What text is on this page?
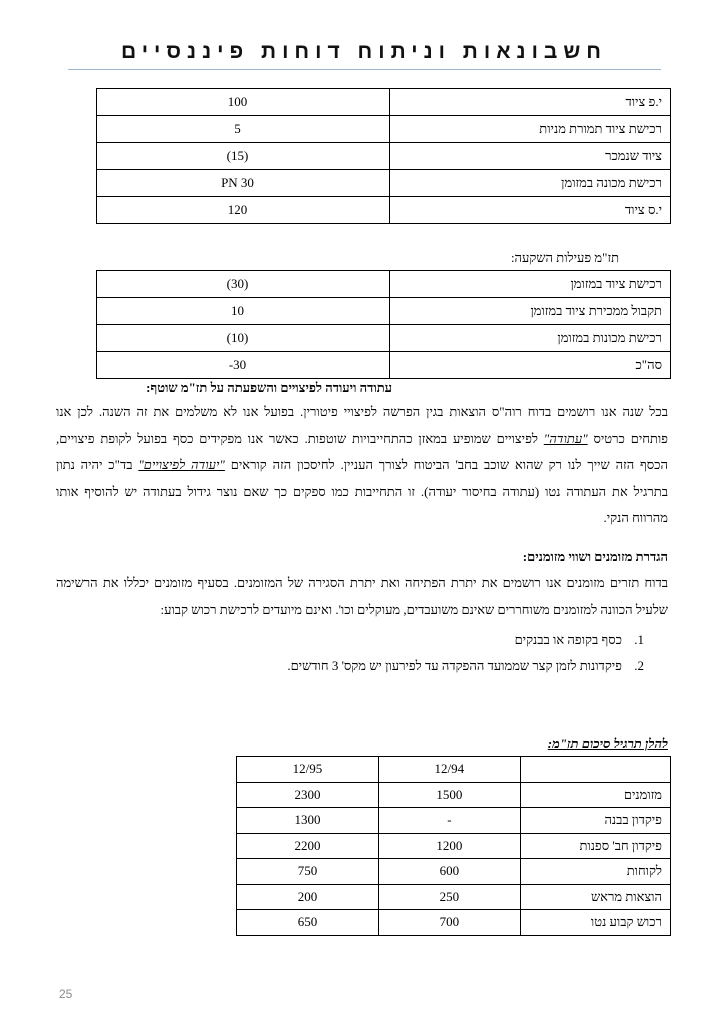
חשבונאות וניתוח דוחות פיננסיים
י.פ ציוד	100
רכישת ציוד תמורת מניות	5
ציוד שנמכר	(15)
רכישת מכונה במזומן	PN 30
י.ס ציוד	120
תז"מ פעילות השקעה:
רכישת ציוד במזומן	(30)
תקבול ממכירת ציוד במזומן	10
רכישת מכונות במזומן	(10)
סה"כ	-30
עתודה ויעודה לפיצויים והשפעתה על תז"מ שוטף:
בכל שנה אנו רושמים בדוח רוה"ס הוצאות בגין הפרשה לפיצויי פיטורין. בפועל אנו לא משלמים את זה השנה. לכן אנו
פותחים כרטיס "עתודה" לפיצויים שמופיע במאזן כהתחייבויות שוטפות. כאשר אנו מפקידים כסף בפועל לקופת פיצויים,
הכסף הזה שייך לנו רק שהוא שוכב בחב' הביטוח לצורך העניין. לחיסכון הזה קוראים "יעודה לפיצויים" בד"כ יהיה נתון
בתרגיל את העתודה נטו (עתודה בחיסור יעודה). זו התחייבות כמו ספקים כך שאם נוצר גידול בעתודה יש להוסיף אותו
מהרווח הנקי.
הגדרת מזומנים ושווי מזומנים:
בדוח תזרים מזומנים אנו רושמים את יתרת הפתיחה ואת יתרת הסגירה של המזומנים. בסעיף מזומנים יכללו את הרשימה
שלעיל הכוונה למזומנים משוחררים שאינם משועבדים, מעוקלים וכו'. ואינם מיועדים לרכישת רכוש קבוע:
1.כסף בקופה או בבנקים
2.פיקדונות לזמן קצר שממועד ההפקדה עד לפירעון יש מקס' 3 חודשים.
להלן תרגיל סיכום תז"מ:
	12/94	12/95
מזומנים	1500	2300
פיקדון בבנה	-	1300
פיקדון חב' ספנות	1200	2200
לקוחות	600	750
הוצאות מראש	250	200
רכוש קבוע נטו	700	650
25
